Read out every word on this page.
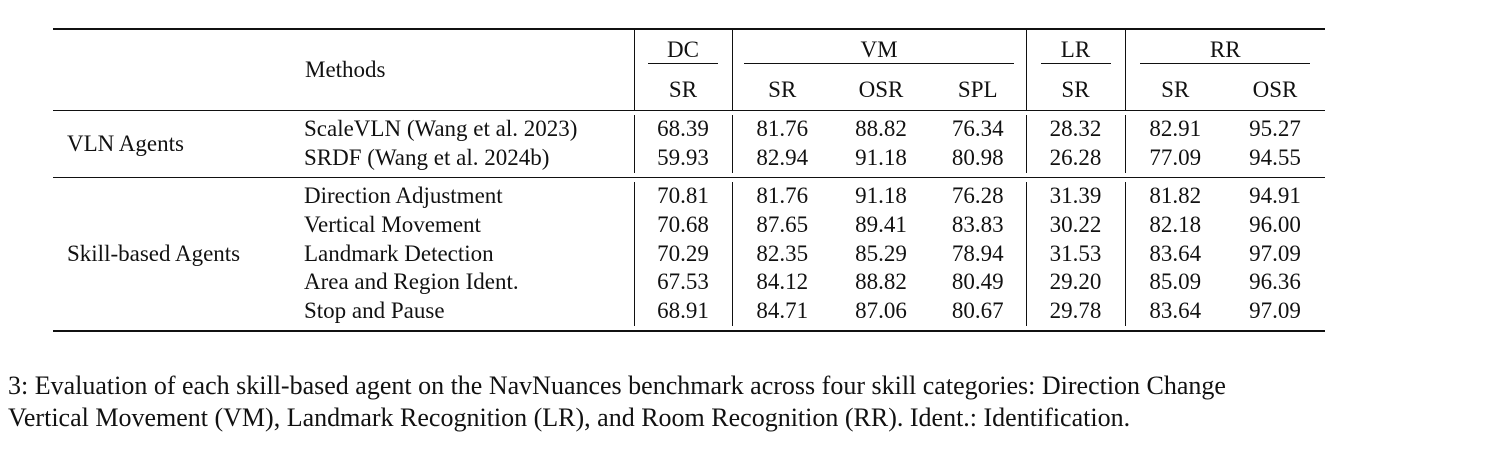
Methods		DC	VM			LR	RR	
		SR	SR	OSR	SPL	SR	SR	OSR

VLN Agents	ScaleVLN (Wang et al. 2023)	68.39	81.76	88.82	76.34	28.32	82.91	95.27
	SRDF (Wang et al. 2024b)	59.93	82.94	91.18	80.98	26.28	77.09	94.55

Skill-based Agents	Direction Adjustment	70.81	81.76	91.18	76.28	31.39	81.82	94.91
	Vertical Movement	70.68	87.65	89.41	83.83	30.22	82.18	96.00
	Landmark Detection	70.29	82.35	85.29	78.94	31.53	83.64	97.09
	Area and Region Ident.	67.53	84.12	88.82	80.49	29.20	85.09	96.36
	Stop and Pause	68.91	84.71	87.06	80.67	29.78	83.64	97.09

3: Evaluation of each skill-based agent on the NavNuances benchmark across four skill categories: Direction Change

Vertical Movement (VM), Landmark Recognition (LR), and Room Recognition (RR). Ident.: Identification.
